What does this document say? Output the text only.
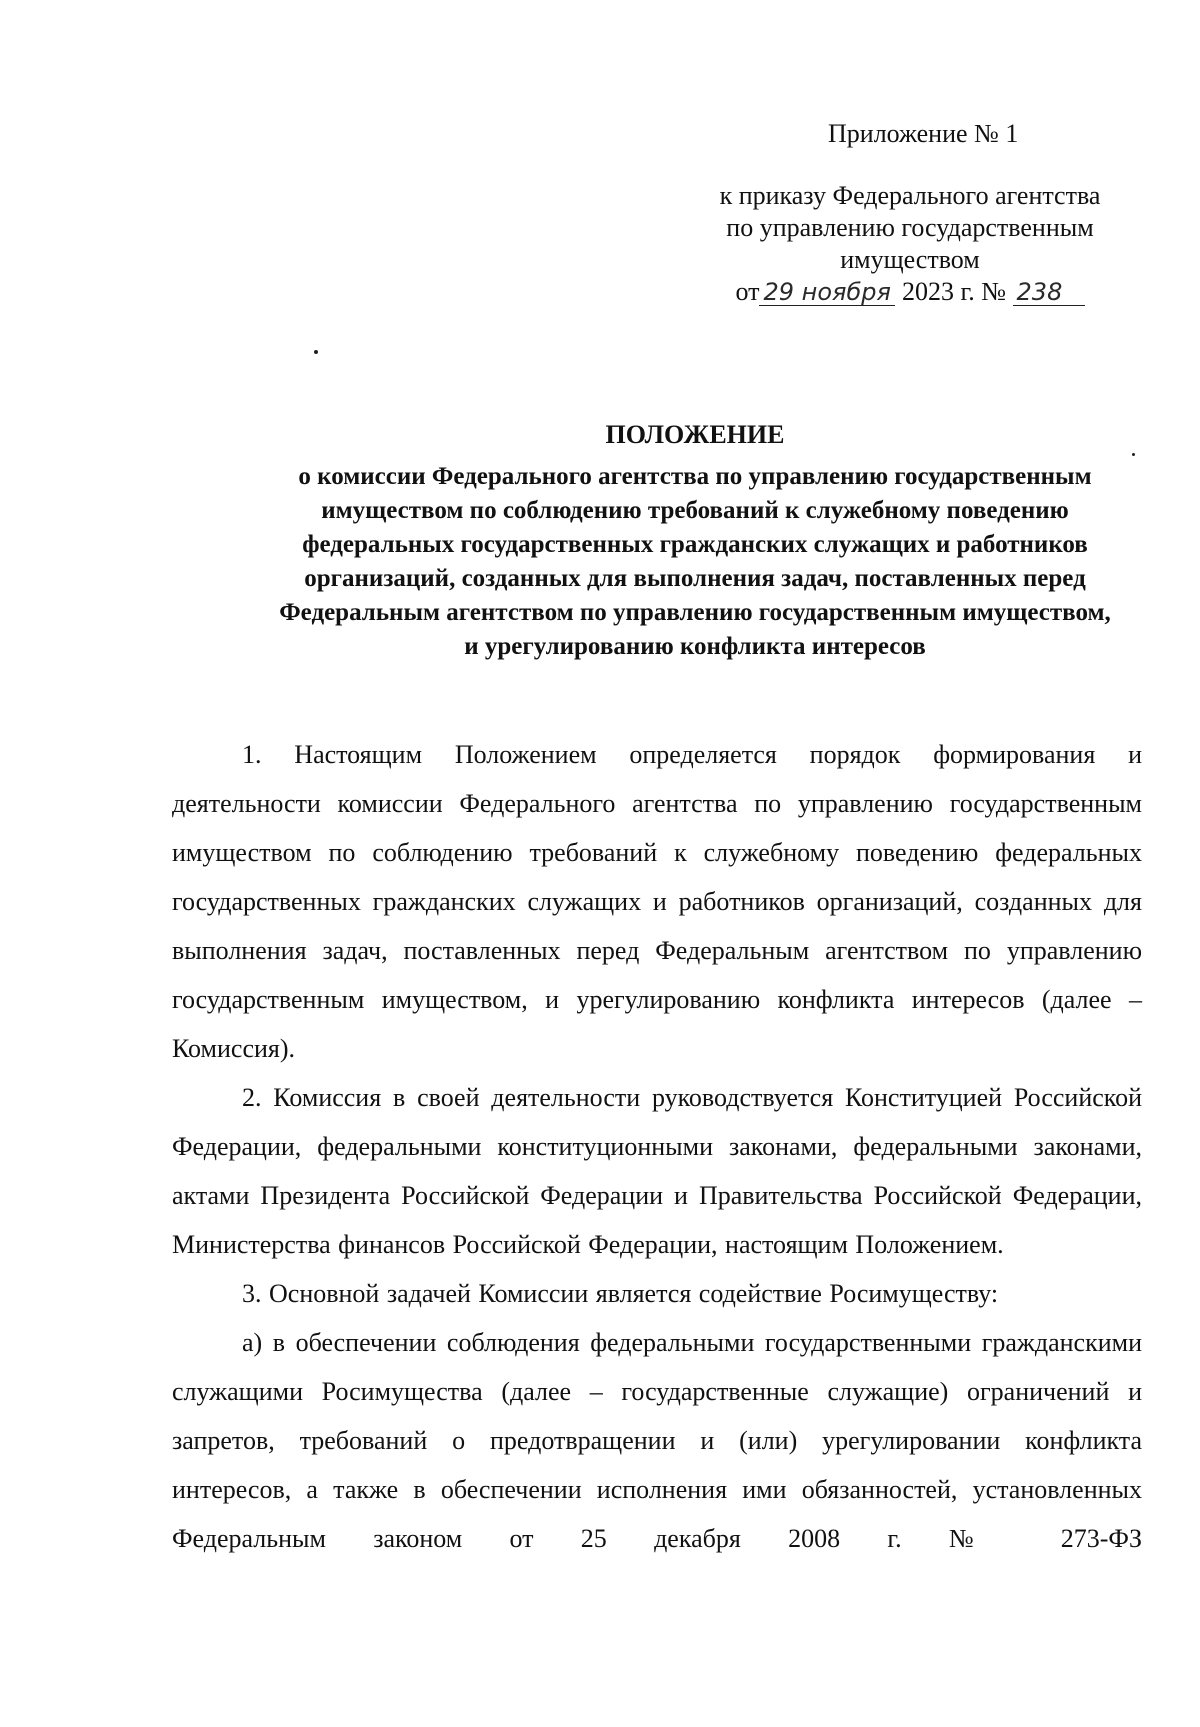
Приложение № 1
к приказу Федерального агентства
по управлению государственным
имуществом
от 29 ноября 2023 г. № 238
ПОЛОЖЕНИЕ
о комиссии Федерального агентства по управлению государственным
имуществом по соблюдению требований к служебному поведению
федеральных государственных гражданских служащих и работников
организаций, созданных для выполнения задач, поставленных перед
Федеральным агентством по управлению государственным имуществом,
и урегулированию конфликта интересов

1. Настоящим Положением определяется порядок формирования и деятельности комиссии Федерального агентства по управлению государственным имуществом по соблюдению требований к служебному поведению федеральных государственных гражданских служащих и работников организаций, созданных для выполнения задач, поставленных перед Федеральным агентством по управлению государственным имуществом, и урегулированию конфликта интересов (далее – Комиссия).

2. Комиссия в своей деятельности руководствуется Конституцией Российской Федерации, федеральными конституционными законами, федеральными законами, актами Президента Российской Федерации и Правительства Российской Федерации, Министерства финансов Российской Федерации, настоящим Положением.

3. Основной задачей Комиссии является содействие Росимуществу:

а) в обеспечении соблюдения федеральными государственными гражданскими служащими Росимущества (далее – государственные служащие) ограничений и запретов, требований о предотвращении и (или) урегулировании конфликта интересов, а также в обеспечении исполнения ими обязанностей, установленных Федеральным законом от 25 декабря 2008 г. № 273-ФЗ
